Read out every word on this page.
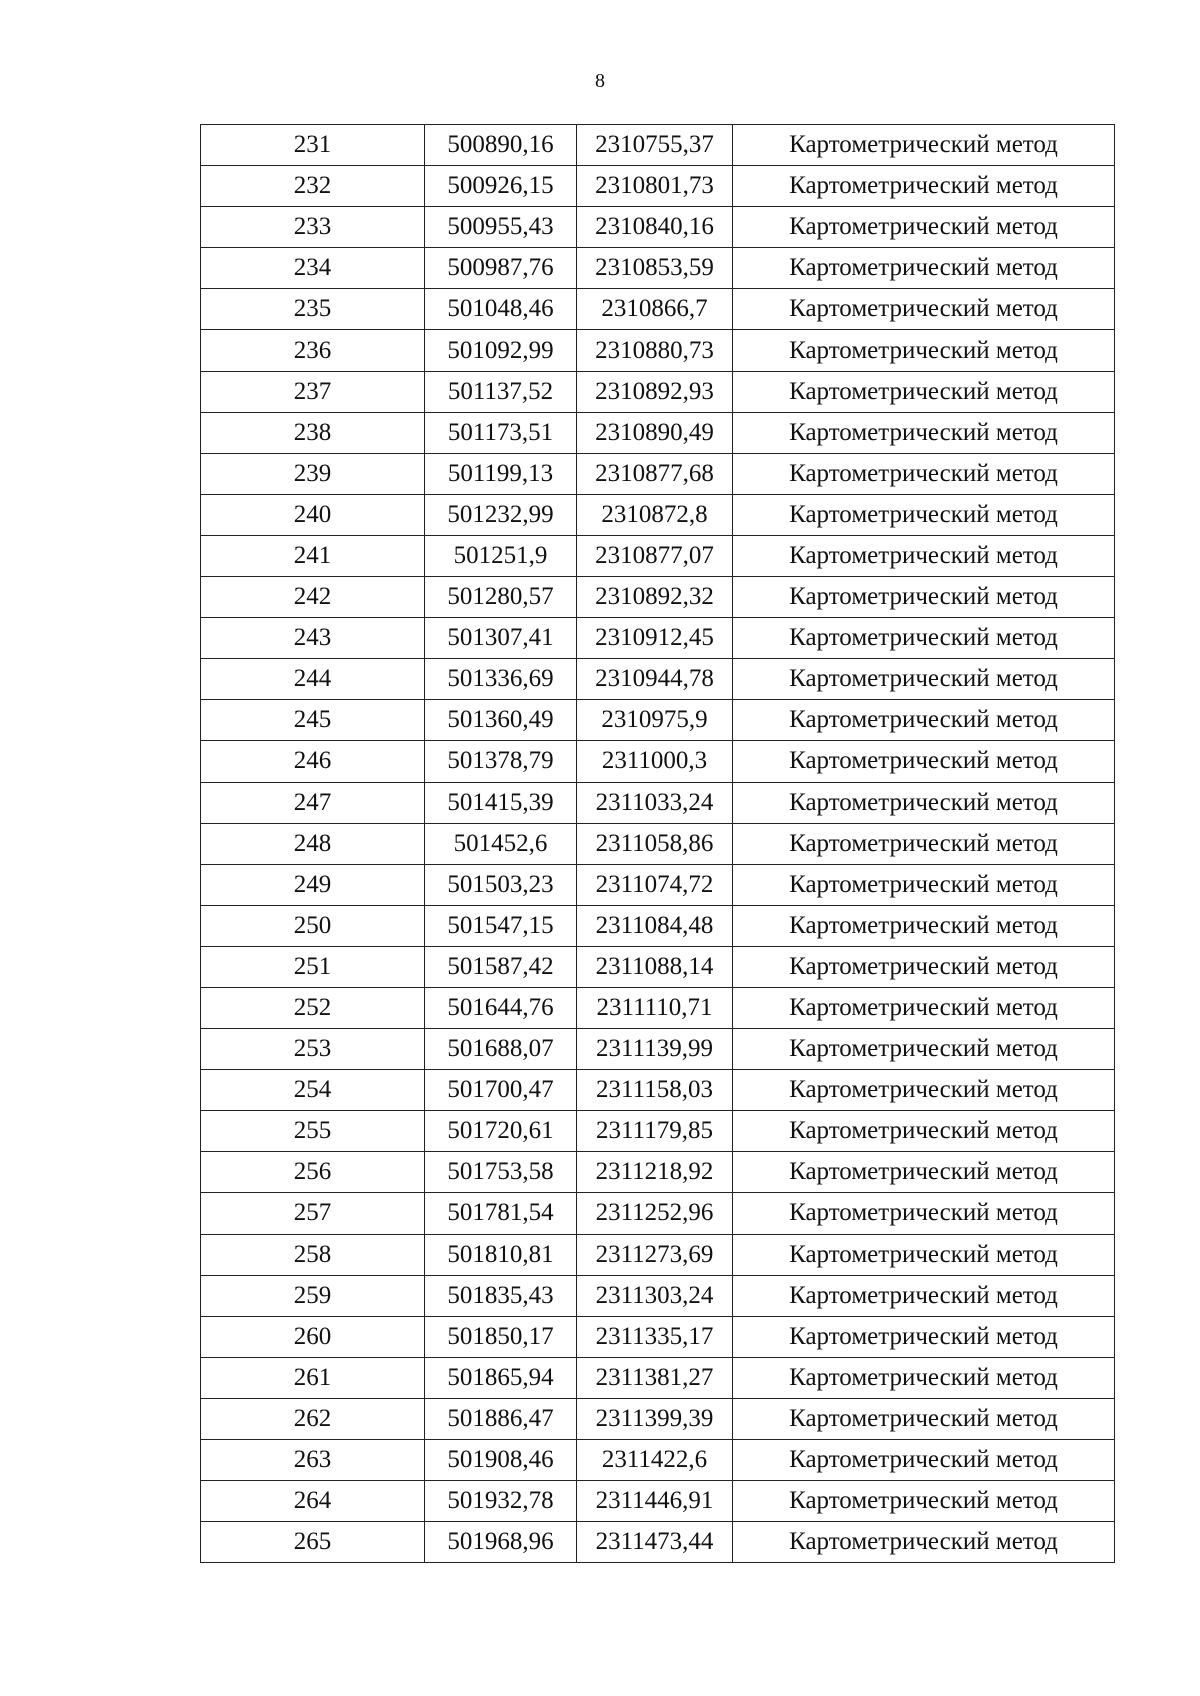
8
231	500890,16	2310755,37	Картометрический метод
232	500926,15	2310801,73	Картометрический метод
233	500955,43	2310840,16	Картометрический метод
234	500987,76	2310853,59	Картометрический метод
235	501048,46	2310866,7	Картометрический метод
236	501092,99	2310880,73	Картометрический метод
237	501137,52	2310892,93	Картометрический метод
238	501173,51	2310890,49	Картометрический метод
239	501199,13	2310877,68	Картометрический метод
240	501232,99	2310872,8	Картометрический метод
241	501251,9	2310877,07	Картометрический метод
242	501280,57	2310892,32	Картометрический метод
243	501307,41	2310912,45	Картометрический метод
244	501336,69	2310944,78	Картометрический метод
245	501360,49	2310975,9	Картометрический метод
246	501378,79	2311000,3	Картометрический метод
247	501415,39	2311033,24	Картометрический метод
248	501452,6	2311058,86	Картометрический метод
249	501503,23	2311074,72	Картометрический метод
250	501547,15	2311084,48	Картометрический метод
251	501587,42	2311088,14	Картометрический метод
252	501644,76	2311110,71	Картометрический метод
253	501688,07	2311139,99	Картометрический метод
254	501700,47	2311158,03	Картометрический метод
255	501720,61	2311179,85	Картометрический метод
256	501753,58	2311218,92	Картометрический метод
257	501781,54	2311252,96	Картометрический метод
258	501810,81	2311273,69	Картометрический метод
259	501835,43	2311303,24	Картометрический метод
260	501850,17	2311335,17	Картометрический метод
261	501865,94	2311381,27	Картометрический метод
262	501886,47	2311399,39	Картометрический метод
263	501908,46	2311422,6	Картометрический метод
264	501932,78	2311446,91	Картометрический метод
265	501968,96	2311473,44	Картометрический метод
